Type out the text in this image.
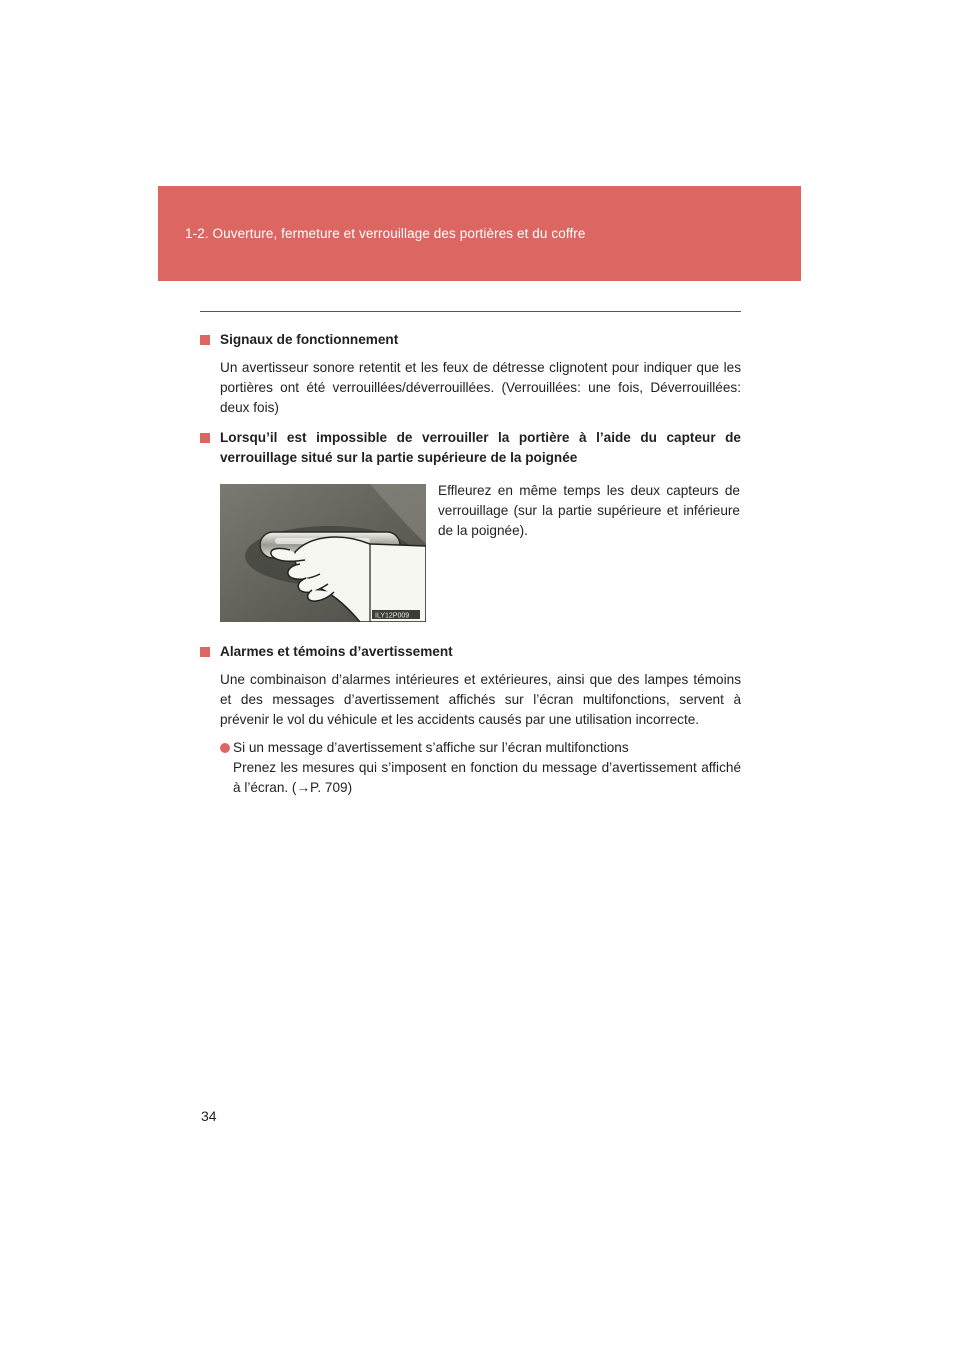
1-2. Ouverture, fermeture et verrouillage des portières et du coffre
Signaux de fonctionnement
Un avertisseur sonore retentit et les feux de détresse clignotent pour indiquer que les portières ont été verrouillées/déverrouillées. (Verrouillées: une fois, Déverrouillées: deux fois)
Lorsqu’il est impossible de verrouiller la portière à l’aide du capteur de verrouillage situé sur la partie supérieure de la poignée
ILY12P009
Effleurez en même temps les deux capteurs de verrouillage (sur la partie supérieure et inférieure de la poignée).
Alarmes et témoins d’avertissement
Une combinaison d’alarmes intérieures et extérieures, ainsi que des lampes témoins et des messages d’avertissement affichés sur l’écran multifonctions, servent à prévenir le vol du véhicule et les accidents causés par une utilisation incorrecte.
Si un message d’avertissement s’affiche sur l’écran multifonctions
Prenez les mesures qui s’imposent en fonction du message d’avertissement affiché à l’écran. (→P. 709)
34
